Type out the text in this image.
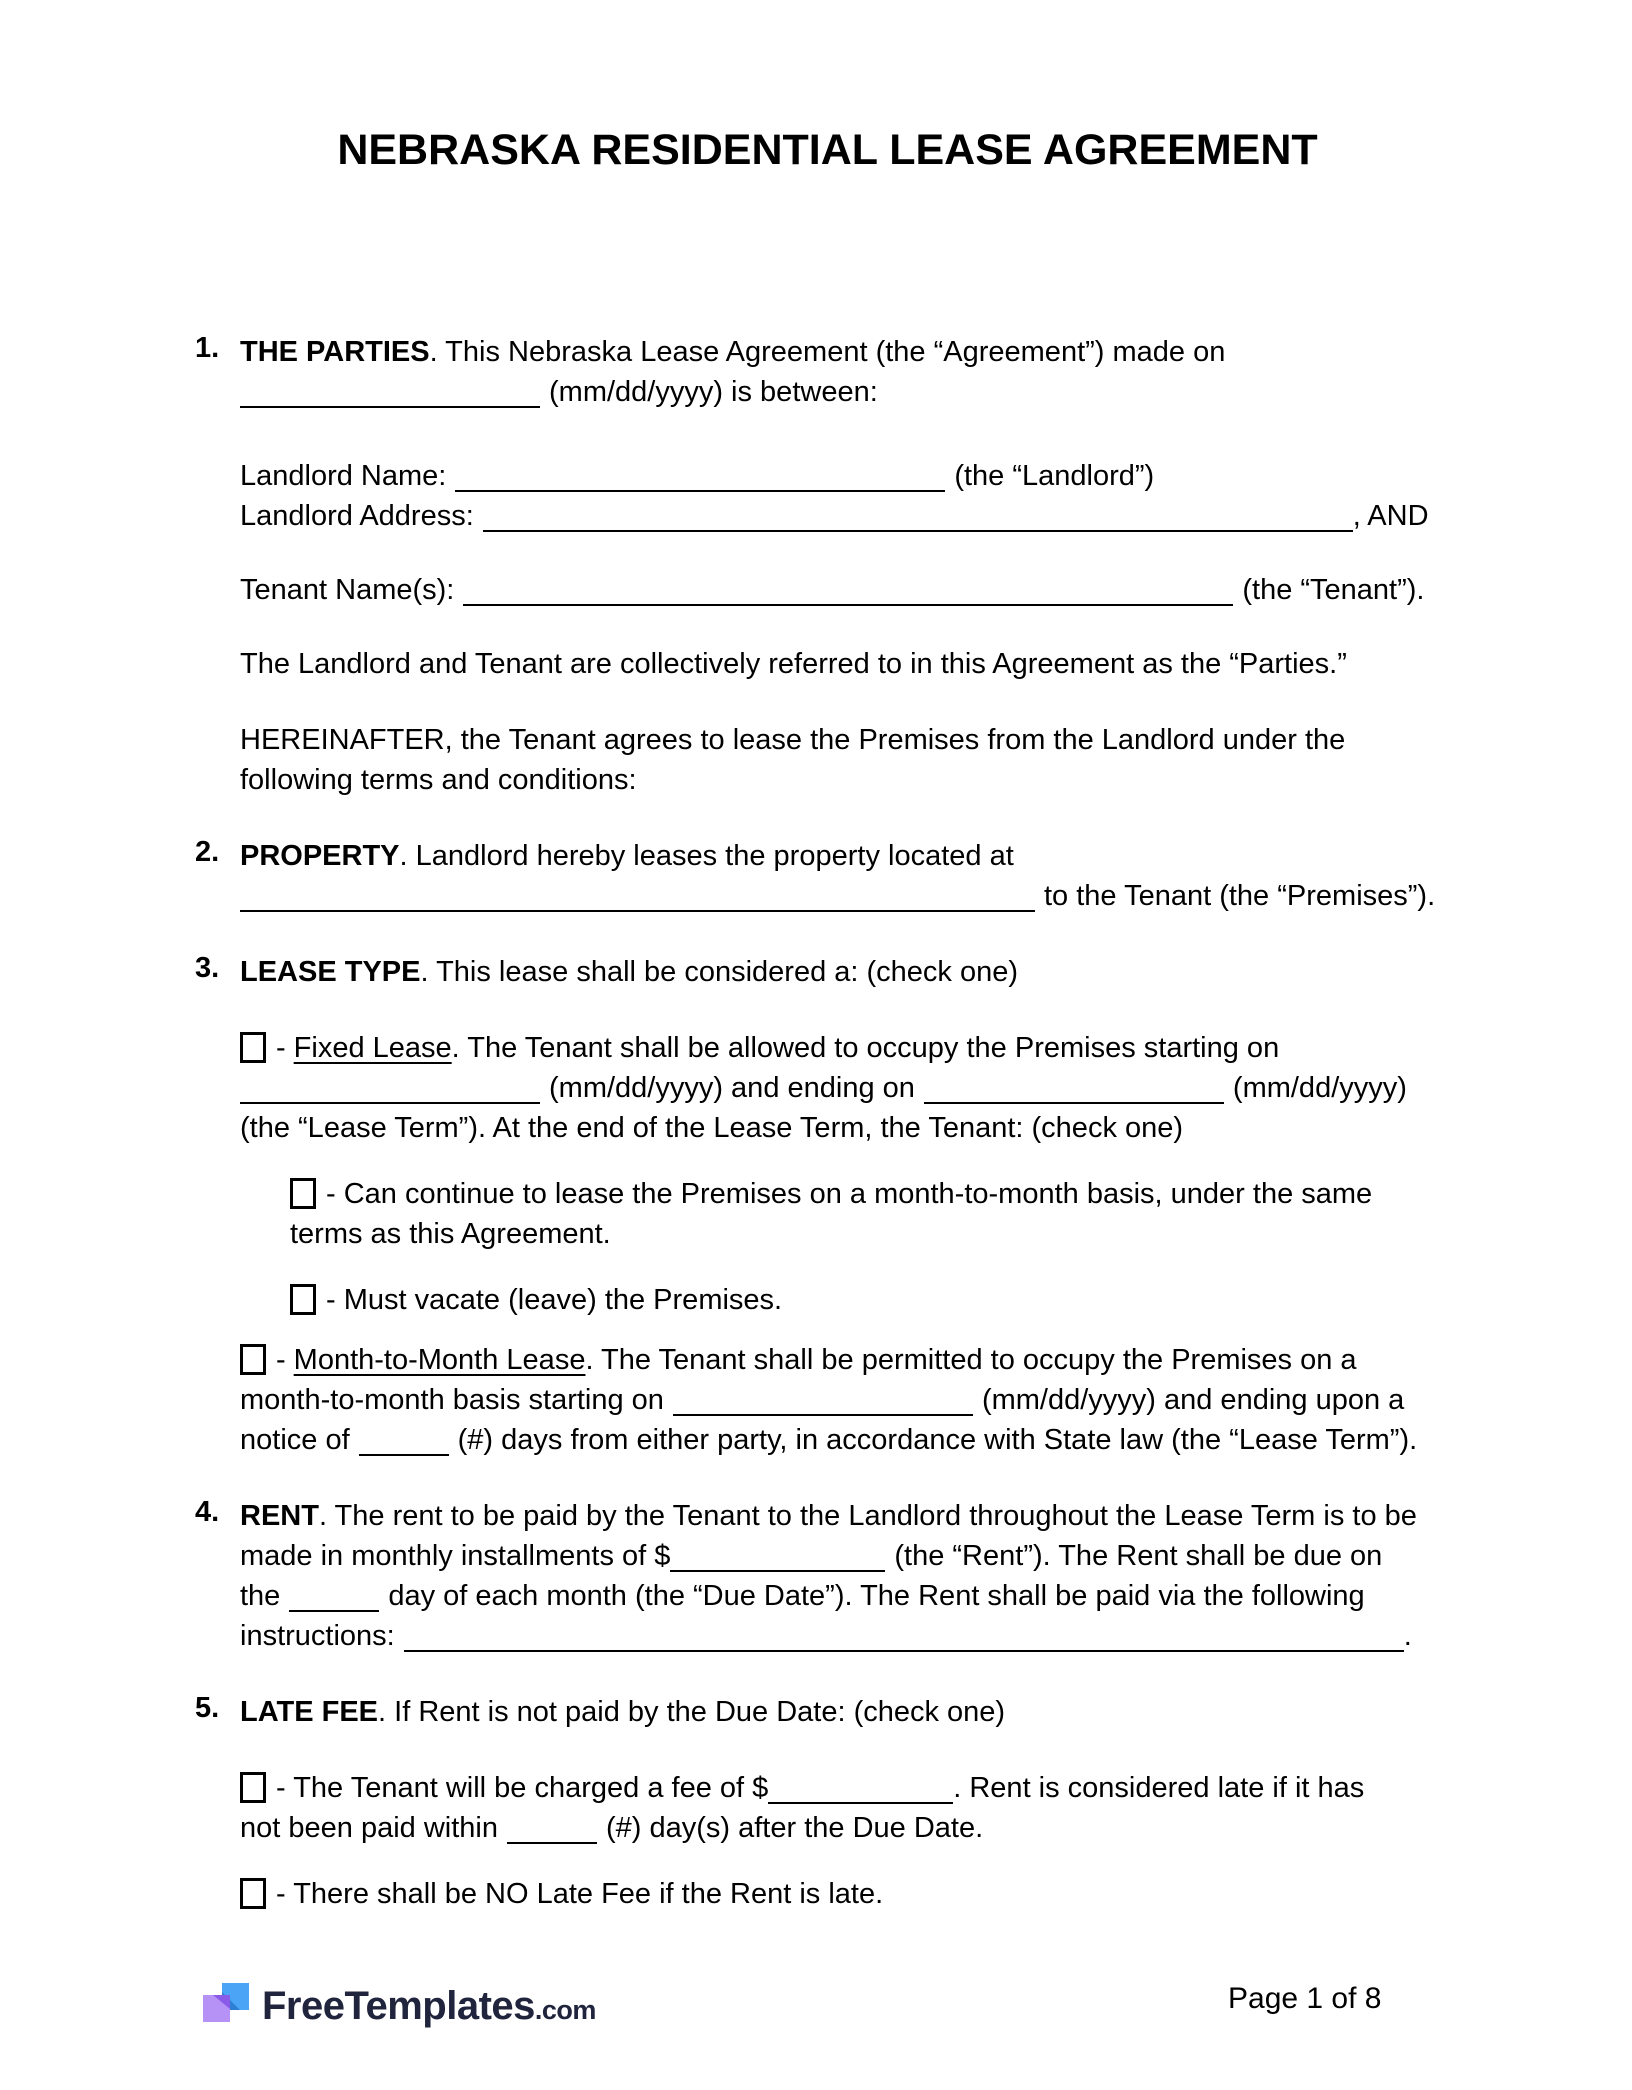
NEBRASKA RESIDENTIAL LEASE AGREEMENT
1. THE PARTIES. This Nebraska Lease Agreement (the “Agreement”) made on
(mm/dd/yyyy) is between:
Landlord Name:	(the “Landlord”)
Landlord Address:	, AND
Tenant Name(s):	(the “Tenant”).
The Landlord and Tenant are collectively referred to in this Agreement as the “Parties.”
HEREINAFTER, the Tenant agrees to lease the Premises from the Landlord under the
following terms and conditions:
2. PROPERTY. Landlord hereby leases the property located at
to the Tenant (the “Premises”).
3. LEASE TYPE. This lease shall be considered a: (check one)
- Fixed Lease. The Tenant shall be allowed to occupy the Premises starting on
(mm/dd/yyyy) and ending on	(mm/dd/yyyy)
(the “Lease Term”). At the end of the Lease Term, the Tenant: (check one)
- Can continue to lease the Premises on a month-to-month basis, under the same
terms as this Agreement.
- Must vacate (leave) the Premises.
- Month-to-Month Lease. The Tenant shall be permitted to occupy the Premises on a
month-to-month basis starting on	(mm/dd/yyyy) and ending upon a
notice of	(#) days from either party, in accordance with State law (the “Lease Term”).
4. RENT. The rent to be paid by the Tenant to the Landlord throughout the Lease Term is to be
made in monthly installments of $	(the “Rent”). The Rent shall be due on
the	day of each month (the “Due Date”). The Rent shall be paid via the following
instructions:	.
5. LATE FEE. If Rent is not paid by the Due Date: (check one)
- The Tenant will be charged a fee of $	. Rent is considered late if it has
not been paid within	(#) day(s) after the Due Date.
- There shall be NO Late Fee if the Rent is late.
FreeTemplates.com	Page 1 of 8
